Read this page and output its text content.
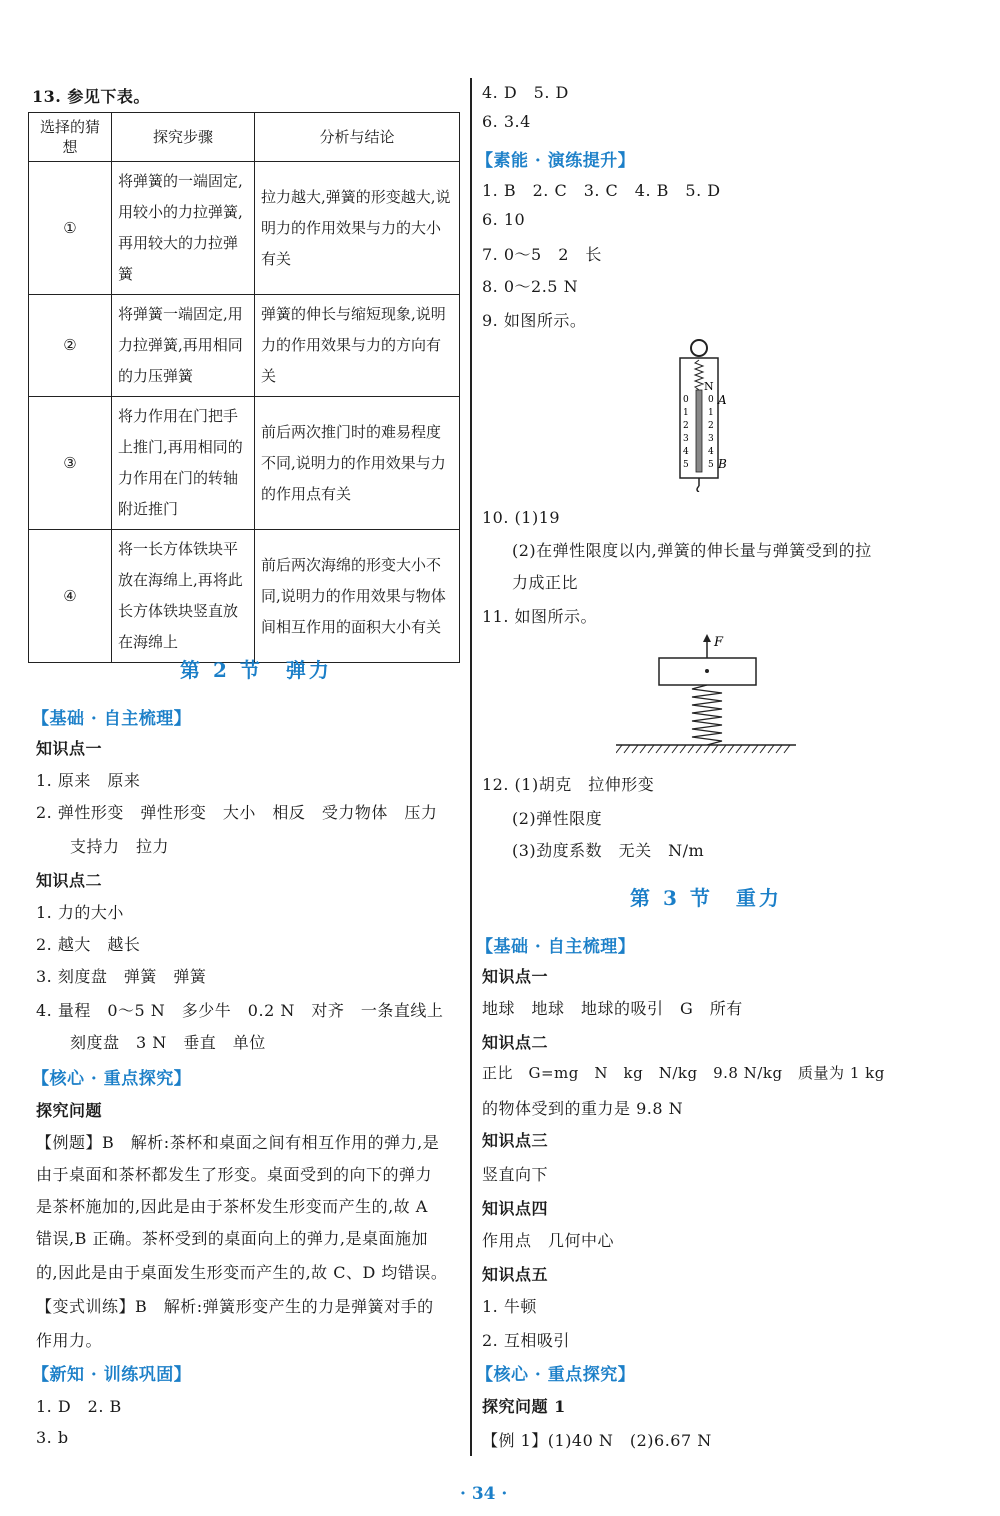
13. 参见下表。
选择的猜想	探究步骤	分析与结论
①	将弹簧的一端固定,用较小的力拉弹簧,再用较大的力拉弹簧	拉力越大,弹簧的形变越大,说明力的作用效果与力的大小有关
②	将弹簧一端固定,用力拉弹簧,再用相同的力压弹簧	弹簧的伸长与缩短现象,说明力的作用效果与力的方向有关
③	将力作用在门把手上推门,再用相同的力作用在门的转轴附近推门	前后两次推门时的难易程度不同,说明力的作用效果与力的作用点有关
④	将一长方体铁块平放在海绵上,再将此长方体铁块竖直放在海绵上	前后两次海绵的形变大小不同,说明力的作用效果与物体间相互作用的面积大小有关
第 2 节　弹力
【基础 · 自主梳理】
知识点一
1. 原来　原来
2. 弹性形变　弹性形变　大小　相反　受力物体　压力
支持力　拉力
知识点二
1. 力的大小
2. 越大　越长
3. 刻度盘　弹簧　弹簧
4. 量程　0～5 N　多少牛　0.2 N　对齐　一条直线上
刻度盘　3 N　垂直　单位
【核心 · 重点探究】
探究问题
【例题】B　解析:茶杯和桌面之间有相互作用的弹力,是
由于桌面和茶杯都发生了形变。桌面受到的向下的弹力
是茶杯施加的,因此是由于茶杯发生形变而产生的,故 A
错误,B 正确。茶杯受到的桌面向上的弹力,是桌面施加
的,因此是由于桌面发生形变而产生的,故 C、D 均错误。
【变式训练】B　解析:弹簧形变产生的力是弹簧对手的
作用力。
【新知 · 训练巩固】
1. D　2. B
3. b
4. D　5. D
6. 3.4
【素能 · 演练提升】
1. B　2. C　3. C　4. B　5. D
6. 10
7. 0～5　2　长
8. 0～2.5 N
9. 如图所示。
N
A
B
0 0
1 1
2 2
3 3
4 4
5 5
10. (1)19
(2)在弹性限度以内,弹簧的伸长量与弹簧受到的拉
力成正比
11. 如图所示。
F
12. (1)胡克　拉伸形变
(2)弹性限度
(3)劲度系数　无关　N/m
第 3 节　重力
【基础 · 自主梳理】
知识点一
地球　地球　地球的吸引　G　所有
知识点二
正比　G=mg　N　kg　N/kg　9.8 N/kg　质量为 1 kg
的物体受到的重力是 9.8 N
知识点三
竖直向下
知识点四
作用点　几何中心
知识点五
1. 牛顿
2. 互相吸引
【核心 · 重点探究】
探究问题 1
【例 1】(1)40 N　(2)6.67 N
· 34 ·
